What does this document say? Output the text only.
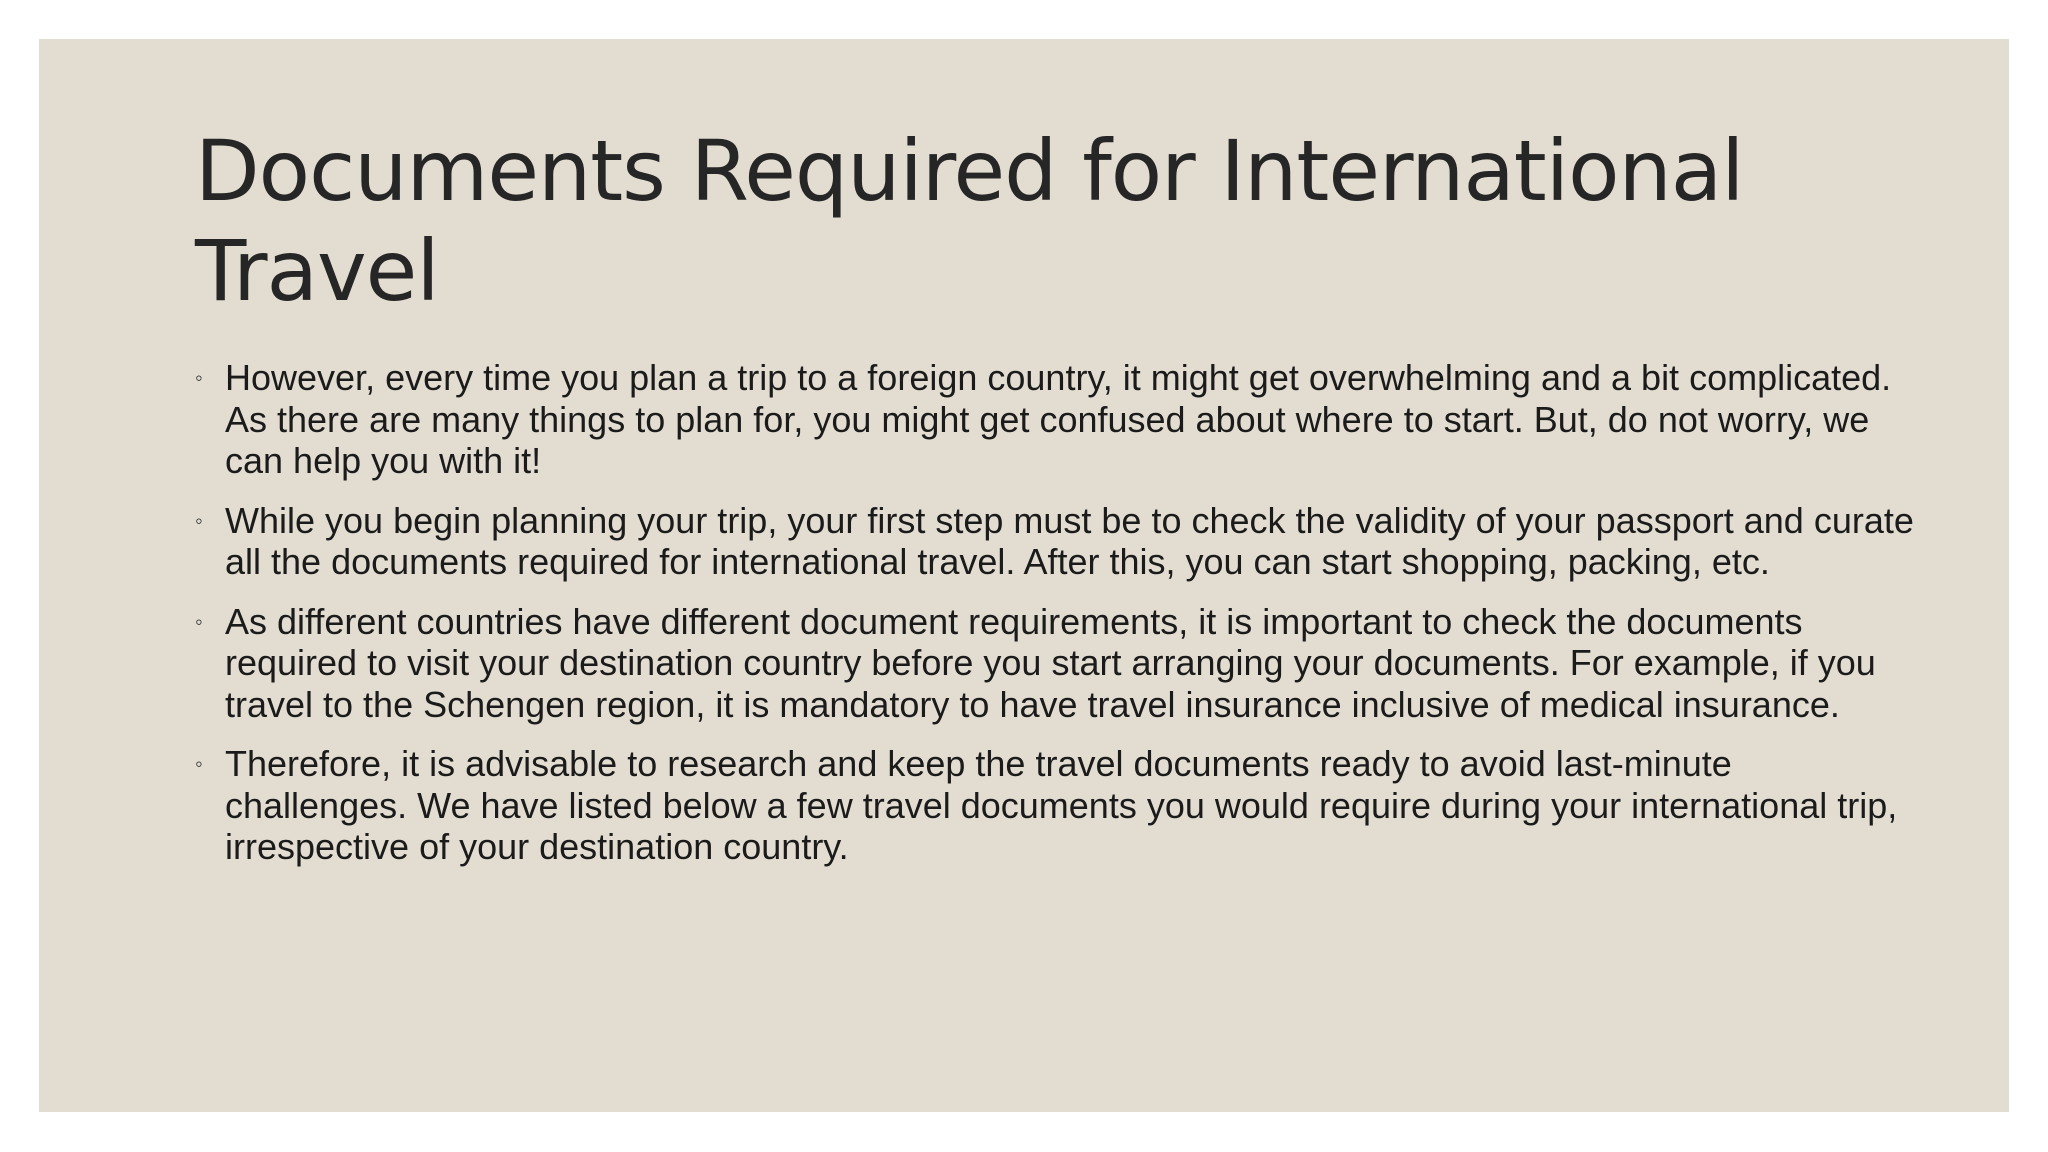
Documents Required for International Travel
◦ However, every time you plan a trip to a foreign country, it might get overwhelming and a bit complicated. As there are many things to plan for, you might get confused about where to start. But, do not worry, we can help you with it!
◦ While you begin planning your trip, your first step must be to check the validity of your passport and curate all the documents required for international travel. After this, you can start shopping, packing, etc.
◦ As different countries have different document requirements, it is important to check the documents required to visit your destination country before you start arranging your documents. For example, if you travel to the Schengen region, it is mandatory to have travel insurance inclusive of medical insurance.
◦ Therefore, it is advisable to research and keep the travel documents ready to avoid last-minute challenges. We have listed below a few travel documents you would require during your international trip, irrespective of your destination country.
